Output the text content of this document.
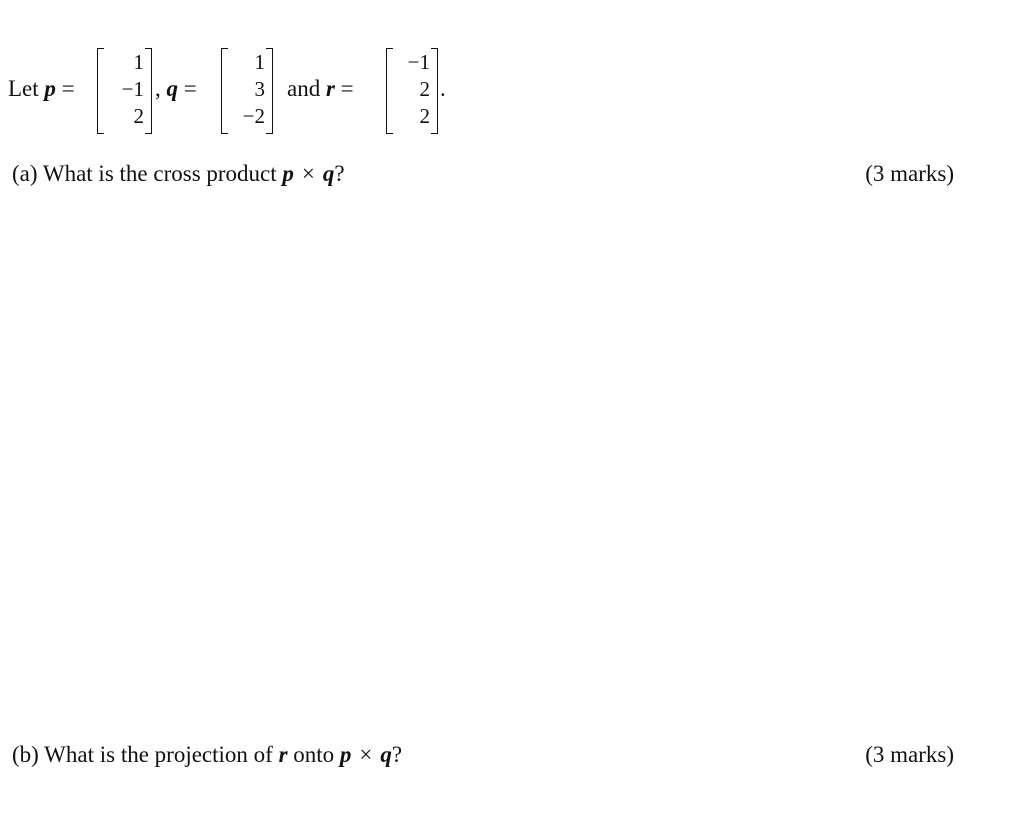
Let p =
1
−1
2
, q =
1
3
−2
and r =
−1
2
2
.
(a) What is the cross product p × q?	(3 marks)
(b) What is the projection of r onto p × q?	(3 marks)
